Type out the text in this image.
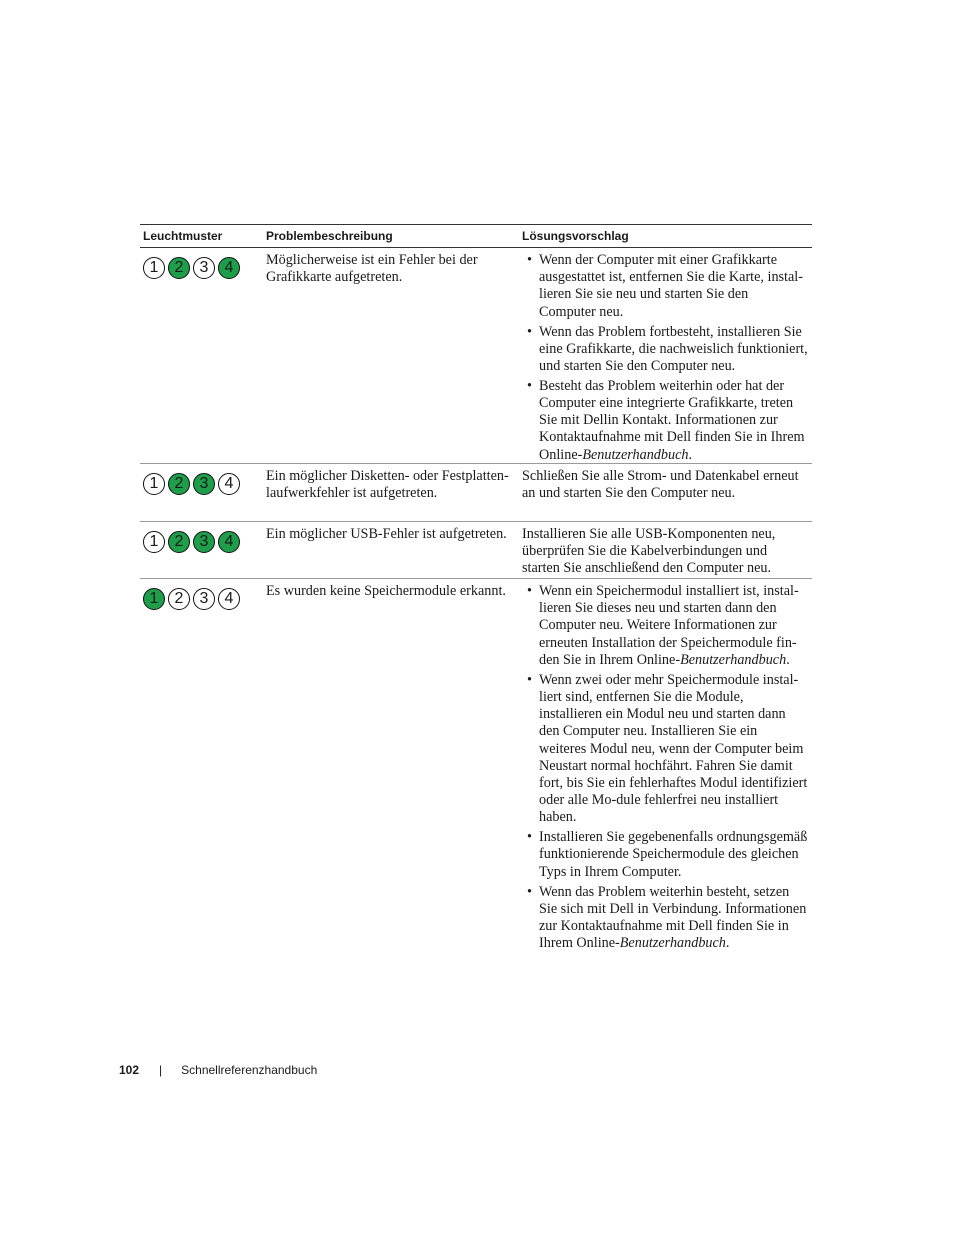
Leuchtmuster	Problembeschreibung	Lösungsvorschlag
1	2	3	4	Möglicherweise ist ein Fehler bei der Grafikkarte aufgetreten.
• Wenn der Computer mit einer Grafikkarte ausgestattet ist, entfernen Sie die Karte, instal-lieren Sie sie neu und starten Sie den Computer neu.
• Wenn das Problem fortbesteht, installieren Sie eine Grafikkarte, die nachweislich funktioniert, und starten Sie den Computer neu.
• Besteht das Problem weiterhin oder hat der Computer eine integrierte Grafikkarte, treten Sie mit Dellin Kontakt. Informationen zur Kontaktaufnahme mit Dell finden Sie in Ihrem Online-Benutzerhandbuch.
1	2	3	4	Ein möglicher Disketten- oder Festplatten-laufwerkfehler ist aufgetreten.
Schließen Sie alle Strom- und Datenkabel erneut an und starten Sie den Computer neu.
1	2	3	4	Ein möglicher USB-Fehler ist aufgetreten.	Installieren Sie alle USB-Komponenten neu, überprüfen Sie die Kabelverbindungen und starten Sie anschließend den Computer neu.
1	2	3	4	Es wurden keine Speichermodule erkannt.
•	Wenn ein Speichermodul installiert ist, instal-lieren Sie dieses neu und starten dann den Computer neu. Weitere Informationen zur erneuten Installation der Speichermodule fin-den Sie in Ihrem Online-Benutzerhandbuch.
• Wenn zwei oder mehr Speichermodule instal-liert sind, entfernen Sie die Module, installieren ein Modul neu und starten dann den Computer neu. Installieren Sie ein weiteres Modul neu, wenn der Computer beim Neustart normal hochfährt. Fahren Sie damit fort, bis Sie ein fehlerhaftes Modul identifiziert oder alle Mo-dule fehlerfrei neu installiert haben.
• Installieren Sie gegebenenfalls ordnungsgemäß funktionierende Speichermodule des gleichen Typs in Ihrem Computer.
• Wenn das Problem weiterhin besteht, setzen Sie sich mit Dell in Verbindung. Informationen zur Kontaktaufnahme mit Dell finden Sie in Ihrem Online-Benutzerhandbuch.
102 | Schnellreferenzhandbuch
